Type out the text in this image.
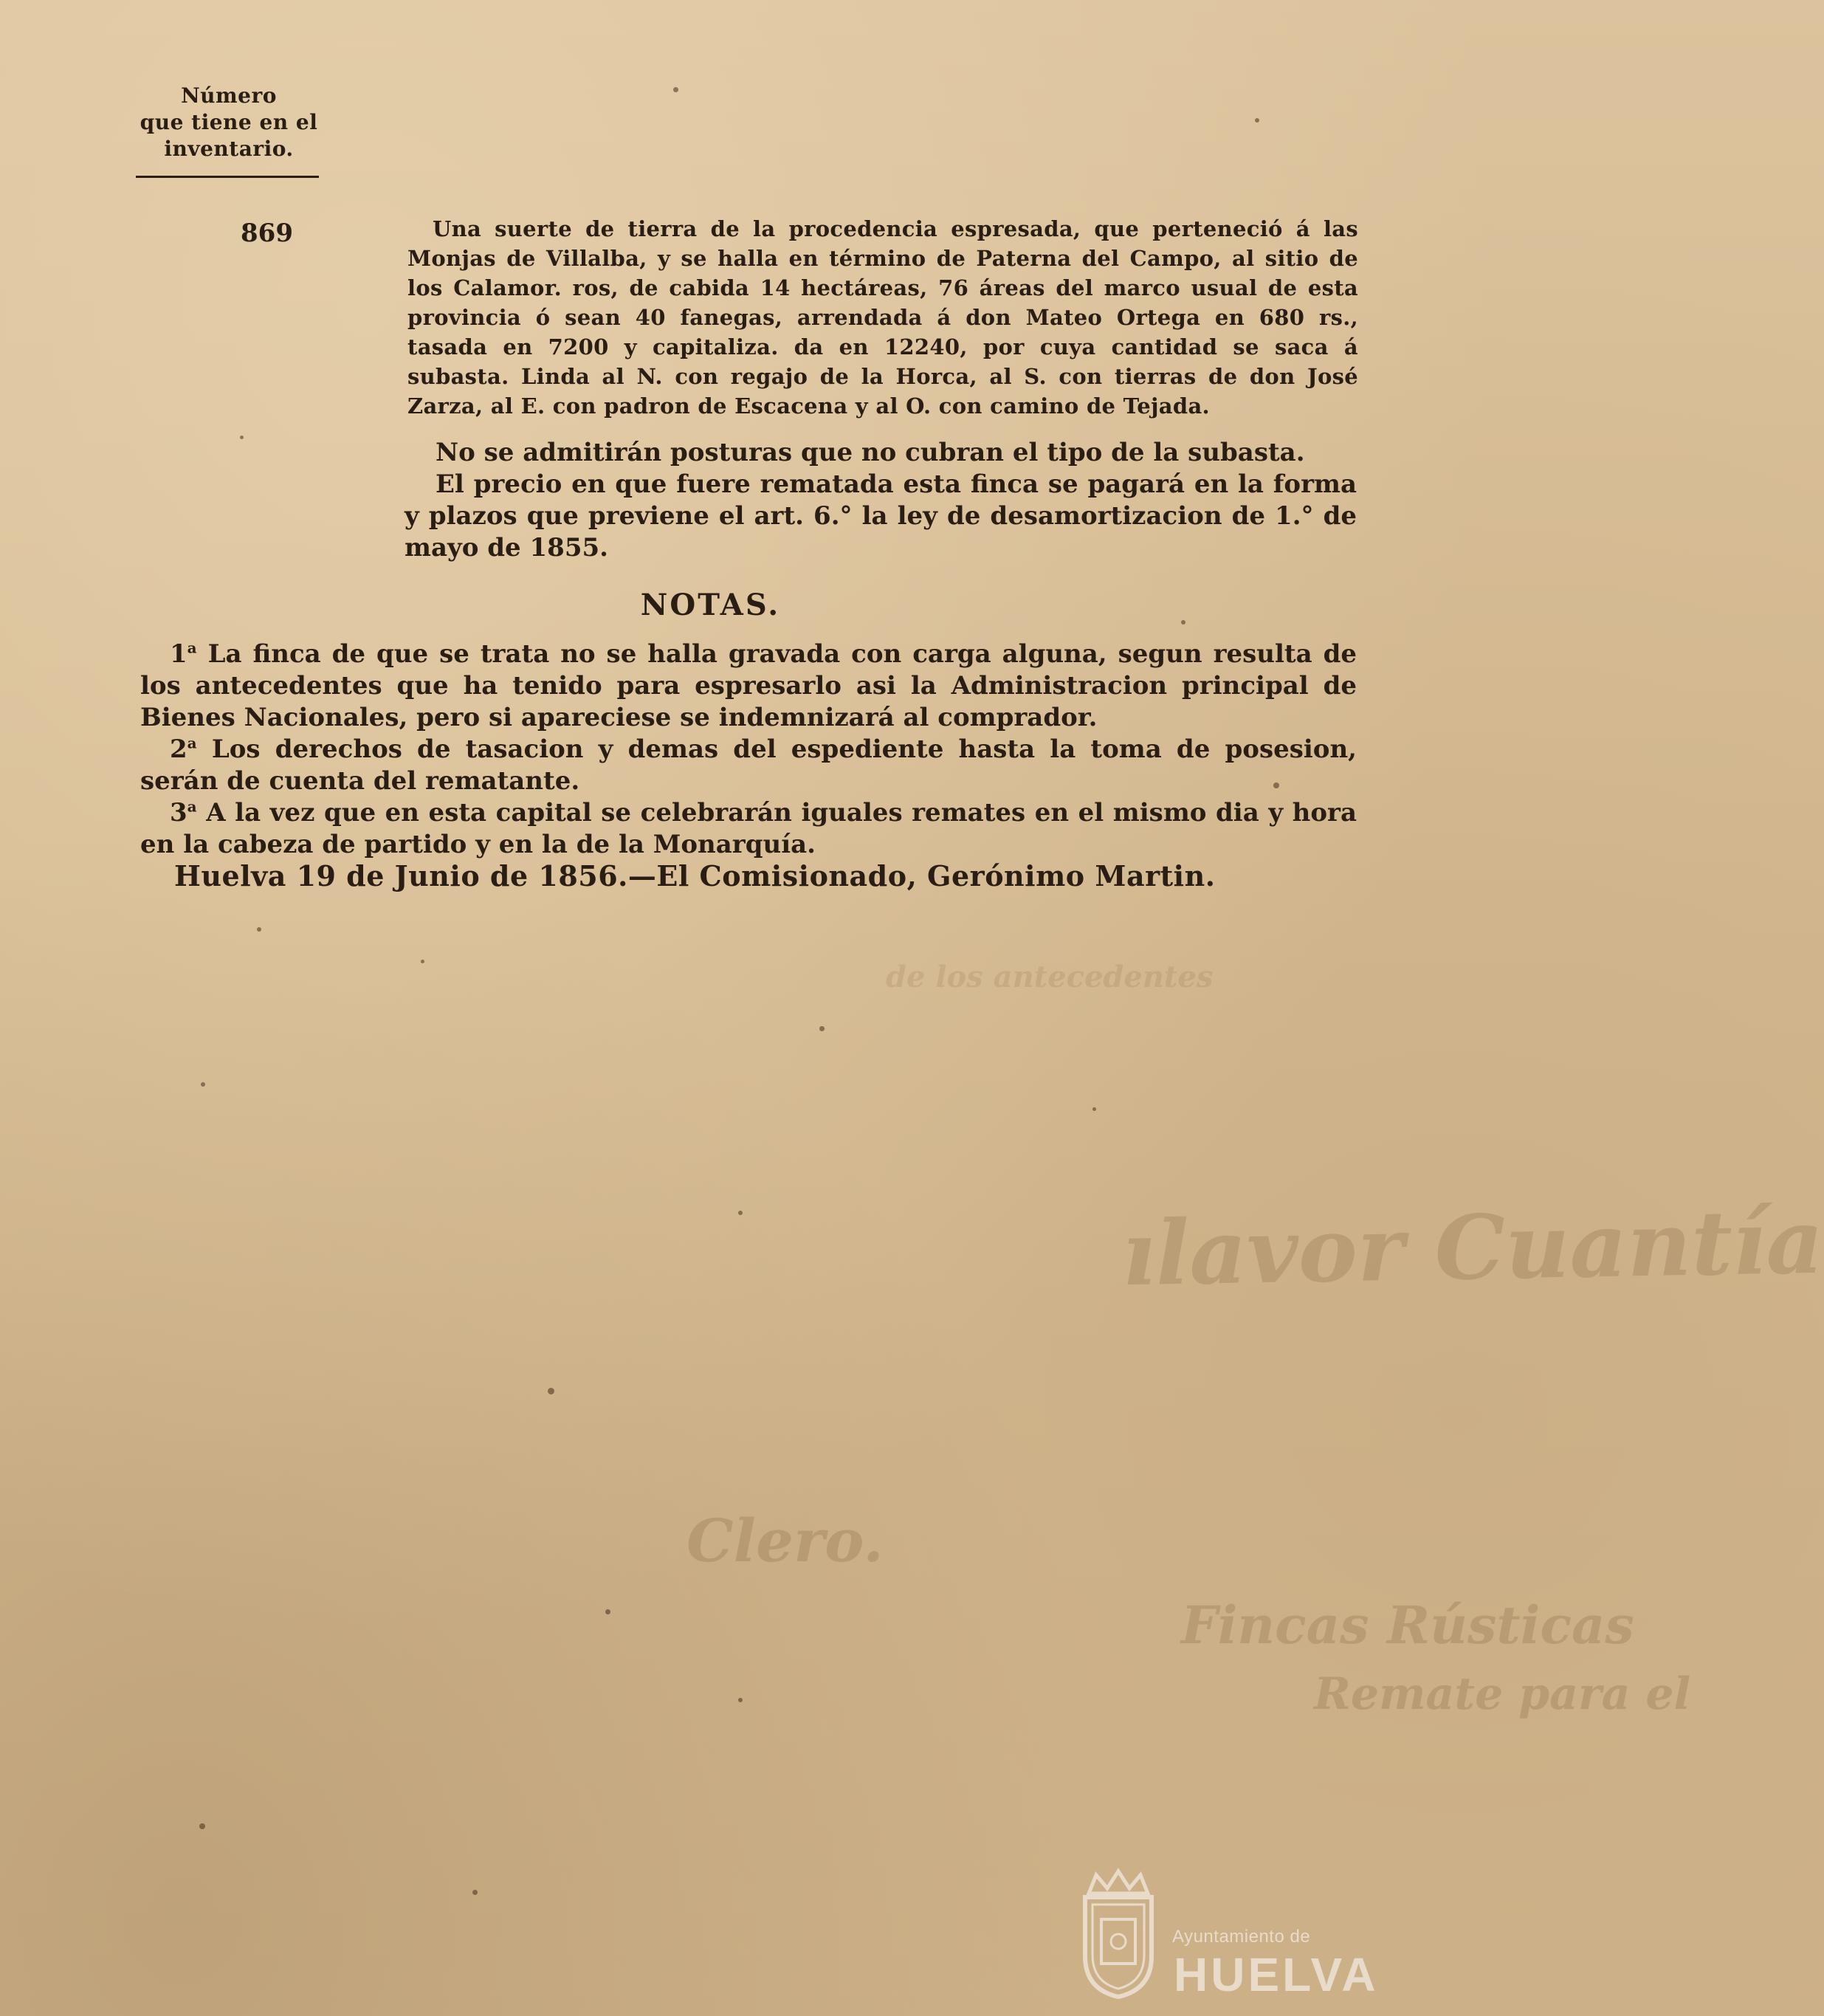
ılavor Cuantía
Clero.
Fincas Rústicas
Remate para el
de los antecedentes
Número
que tiene en el
inventario.
869	Una suerte de tierra de la procedencia espresada, que perteneció á las Monjas de Villalba, y se halla en término de Paterna del Campo, al sitio de los Calamor. ros, de cabida 14 hectáreas, 76 áreas del marco usual de esta provincia ó sean 40 fanegas, arrendada á don Mateo Ortega en 680 rs., tasada en 7200 y capitaliza. da en 12240, por cuya cantidad se saca á subasta. Linda al N. con regajo de la Horca, al S. con tierras de don José Zarza, al E. con padron de Escacena y al O. con camino de Tejada.

No se admitirán posturas que no cubran el tipo de la subasta.

El precio en que fuere rematada esta finca se pagará en la forma y plazos que previene el art. 6.° la ley de desamortizacion de 1.° de mayo de 1855.

NOTAS.

1$^a$ La finca de que se trata no se halla gravada con carga alguna, segun resulta de los antecedentes que ha tenido para espresarlo asi la Administracion principal de Bienes Nacionales, pero si apareciese se indemnizará al comprador.

2$^a$ Los derechos de tasacion y demas del espediente hasta la toma de posesion, serán de cuenta del rematante.

3$^a$ A la vez que en esta capital se celebrarán iguales remates en el mismo dia y hora en la cabeza de partido y en la de la Monarquía.

Huelva 19 de Junio de 1856.—El Comisionado, Gerónimo Martin.
Ayuntamiento de
HUELVA
